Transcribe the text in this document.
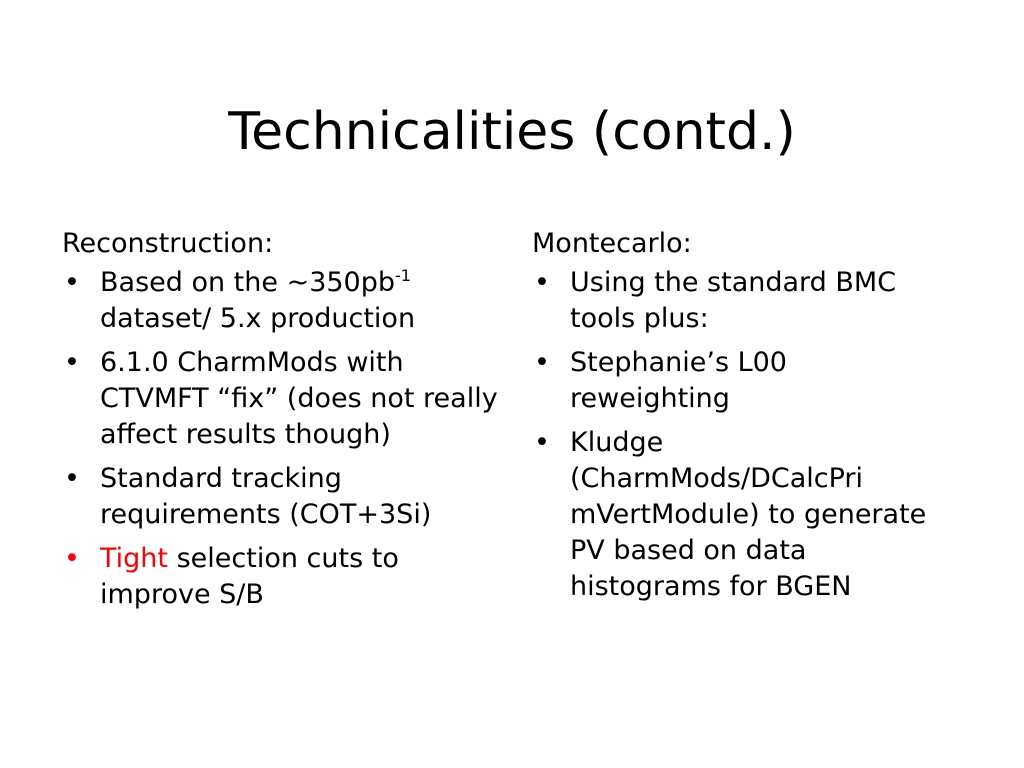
Technicalities (contd.)
Reconstruction:
• Based on the $\sim 350pb^{-1}$ dataset/ 5.x production
• 6.1.0 CharmMods with CTVMFT “fix” (does not really affect results though)
• Standard tracking requirements (COT+3Si)
• Tight selection cuts to improve S/B
Montecarlo:
• Using the standard BMC tools plus:
• Stephanie’s L00 reweighting
• Kludge (CharmMods/DCalcPri mVertModule) to generate PV based on data histograms for BGEN
